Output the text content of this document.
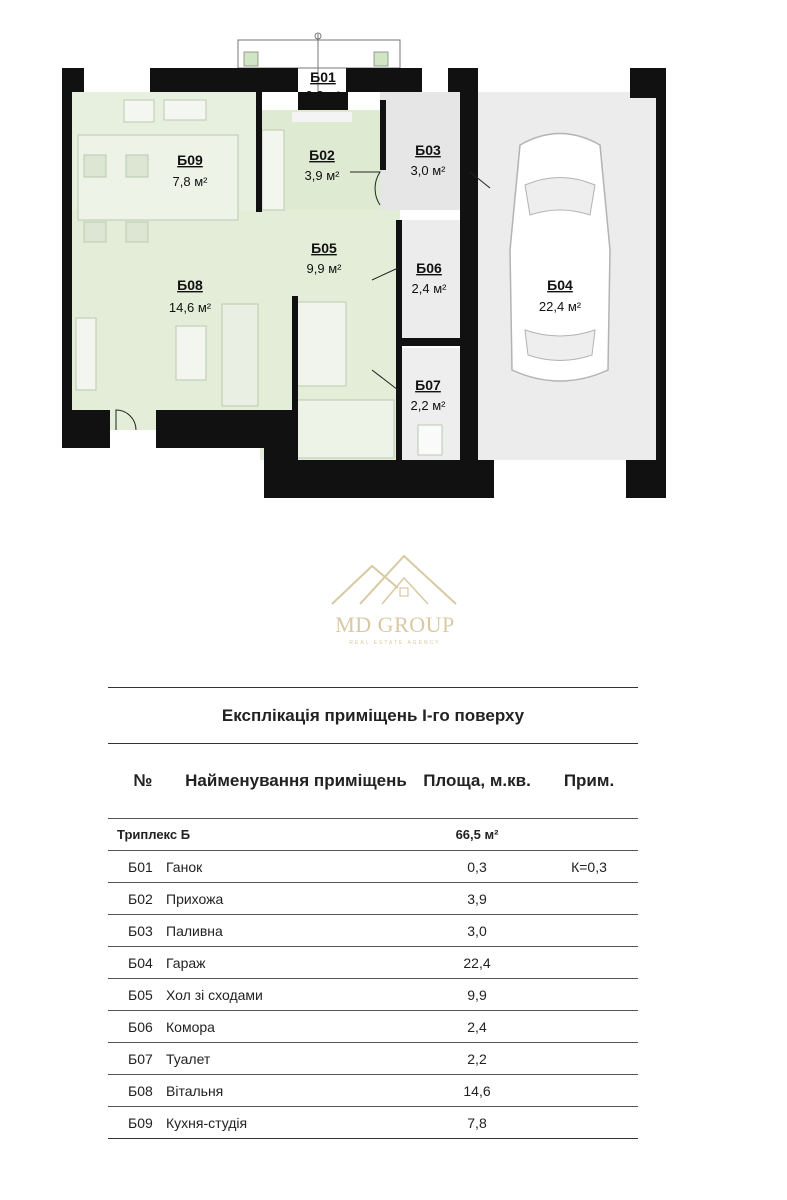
Б01
0,3 м²
Б02
3,9 м²
Б03
3,0 м²
Б04
22,4 м²
Б05
9,9 м²	Б06
2,4 м²
Б07
2,2 м²
Б08
14,6 м²
Б09
7,8 м²
MD GROUP
REAL ESTATE AGENCY
Експлікація приміщень І-го поверху
№	Найменування приміщень Площа, м.кв.	Прим.
Триплекс Б	66,5 м²
Б01 Ганок	0,3	К=0,3
Б02 Прихожа	3,9
Б03 Паливна	3,0
Б04 Гараж	22,4
Б05 Хол зі сходами	9,9
Б06 Комора	2,4
Б07 Туалет	2,2
Б08 Вітальня	14,6
Б09 Кухня-студія	7,8
